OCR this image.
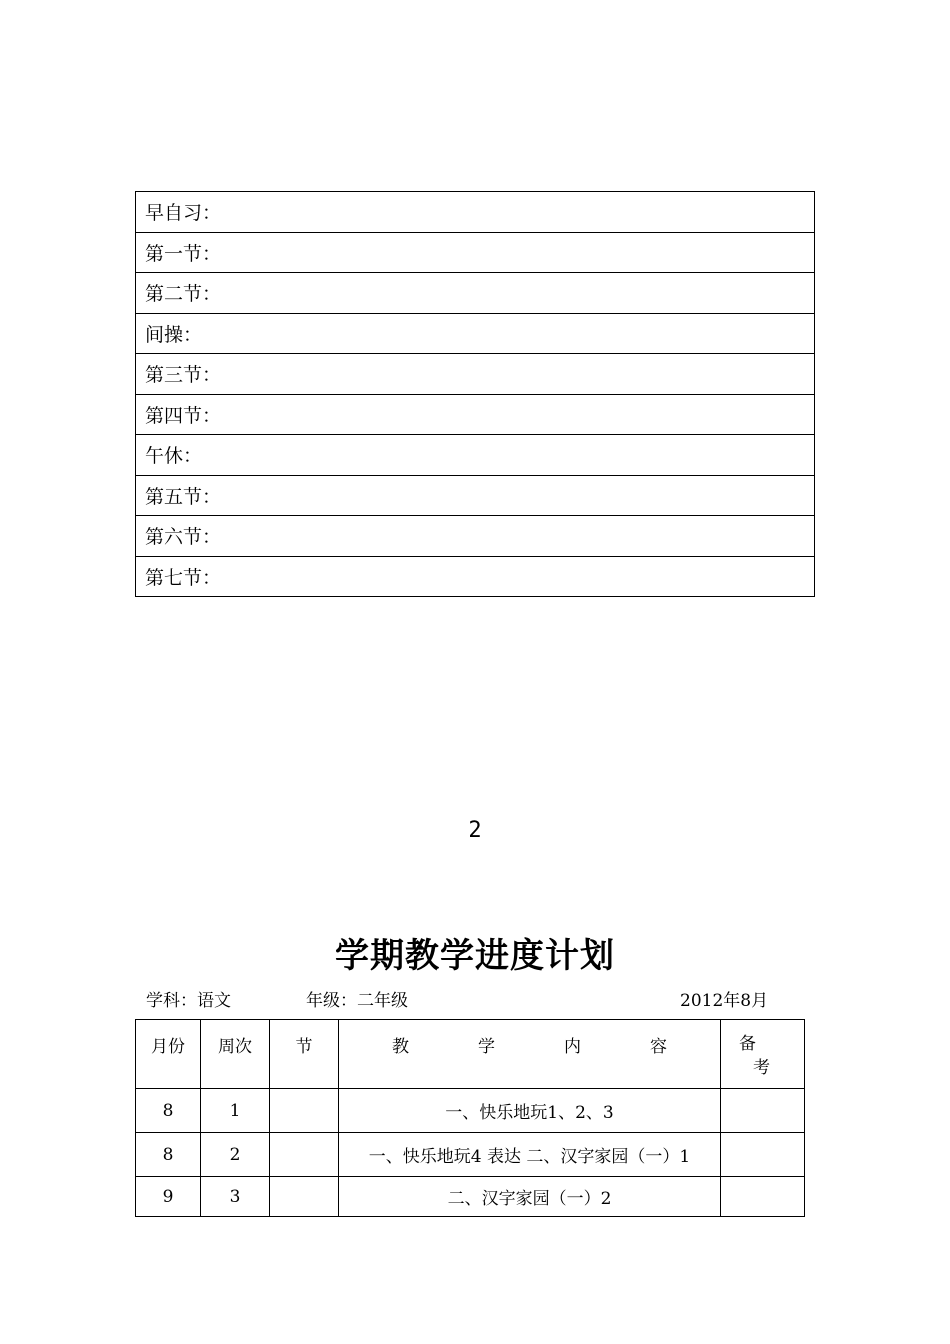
早自习：
第一节：
第二节：
间操：
第三节：
第四节：
午休：
第五节：
第六节：
第七节：
2
学期教学进度计划
学科：语文	年级：二年级	2012年8月
月份	周次	节	教 学 内 容	备
考

8	1		一、快乐地玩1、2、3	
8	2		一、快乐地玩4 表达 二、汉字家园（一）1	
9	3		二、汉字家园（一）2	
